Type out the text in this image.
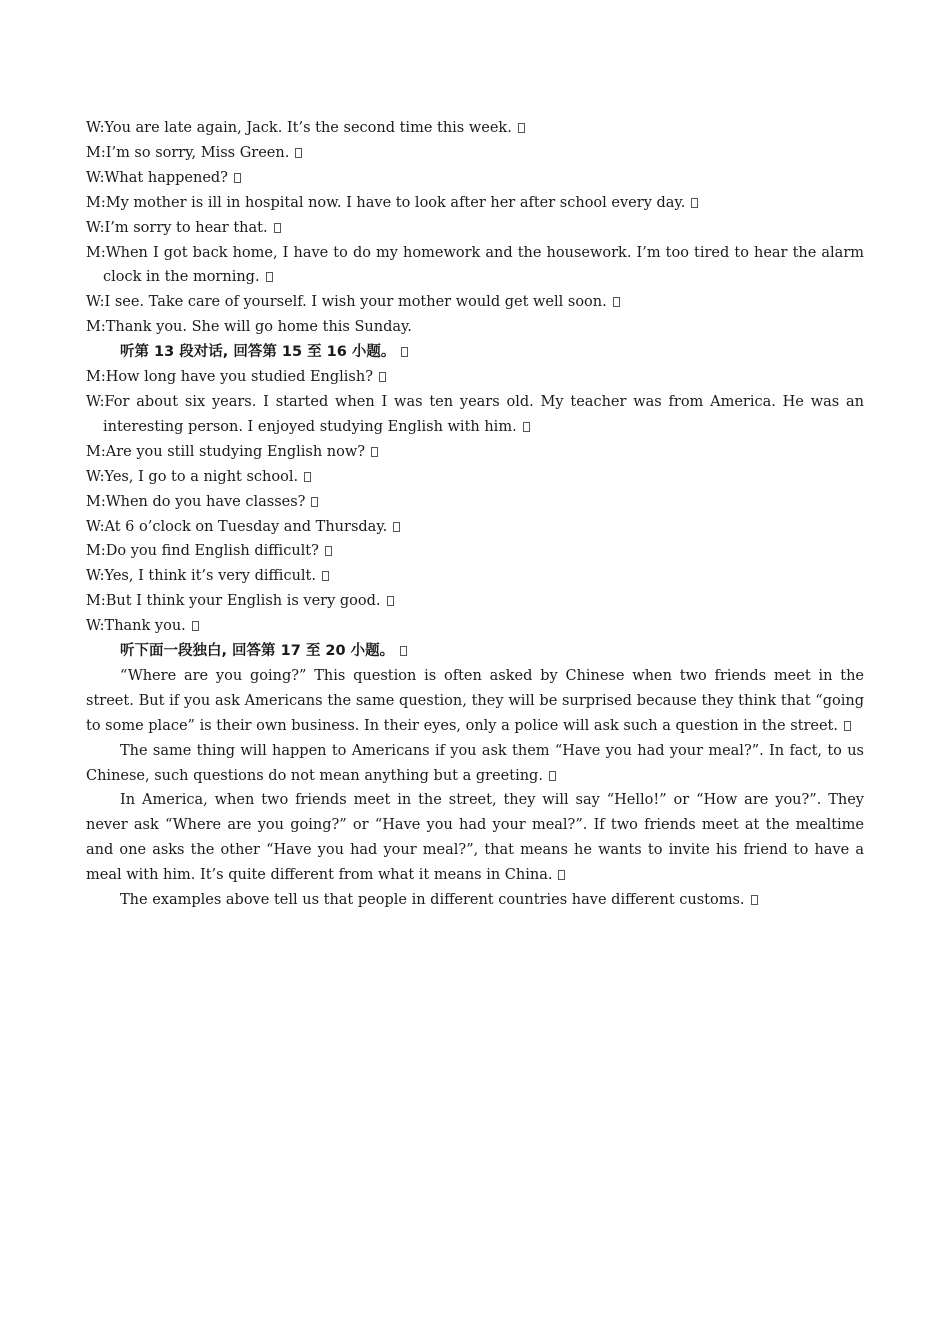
W:You are late again, Jack. It’s the second time this week.
M:I’m so sorry, Miss Green.
W:What happened?
M:My mother is ill in hospital now. I have to look after her after school every day.
W:I’m sorry to hear that.
M:When I got back home, I have to do my homework and the housework. I’m too tired to hear the alarm clock in the morning.
W:I see. Take care of yourself. I wish your mother would get well soon.
M:Thank you. She will go home this Sunday.
听第 13 段对话, 回答第 15 至 16 小题。
M:How long have you studied English?
W:For about six years. I started when I was ten years old. My teacher was from America. He was an interesting person. I enjoyed studying English with him.
M:Are you still studying English now?
W:Yes, I go to a night school.
M:When do you have classes?
W:At 6 o’clock on Tuesday and Thursday.
M:Do you find English difficult?
W:Yes, I think it’s very difficult.
M:But I think your English is very good.
W:Thank you.
听下面一段独白, 回答第 17 至 20 小题。
“Where are you going?” This question is often asked by Chinese when two friends meet in the street. But if you ask Americans the same question, they will be surprised because they think that “going to some place” is their own business. In their eyes, only a police will ask such a question in the street.
The same thing will happen to Americans if you ask them “Have you had your meal?”. In fact, to us Chinese, such questions do not mean anything but a greeting.
In America, when two friends meet in the street, they will say “Hello!” or “How are you?”. They never ask “Where are you going?” or “Have you had your meal?”. If two friends meet at the mealtime and one asks the other “Have you had your meal?”, that means he wants to invite his friend to have a meal with him. It’s quite different from what it means in China.
The examples above tell us that people in different countries have different customs.
